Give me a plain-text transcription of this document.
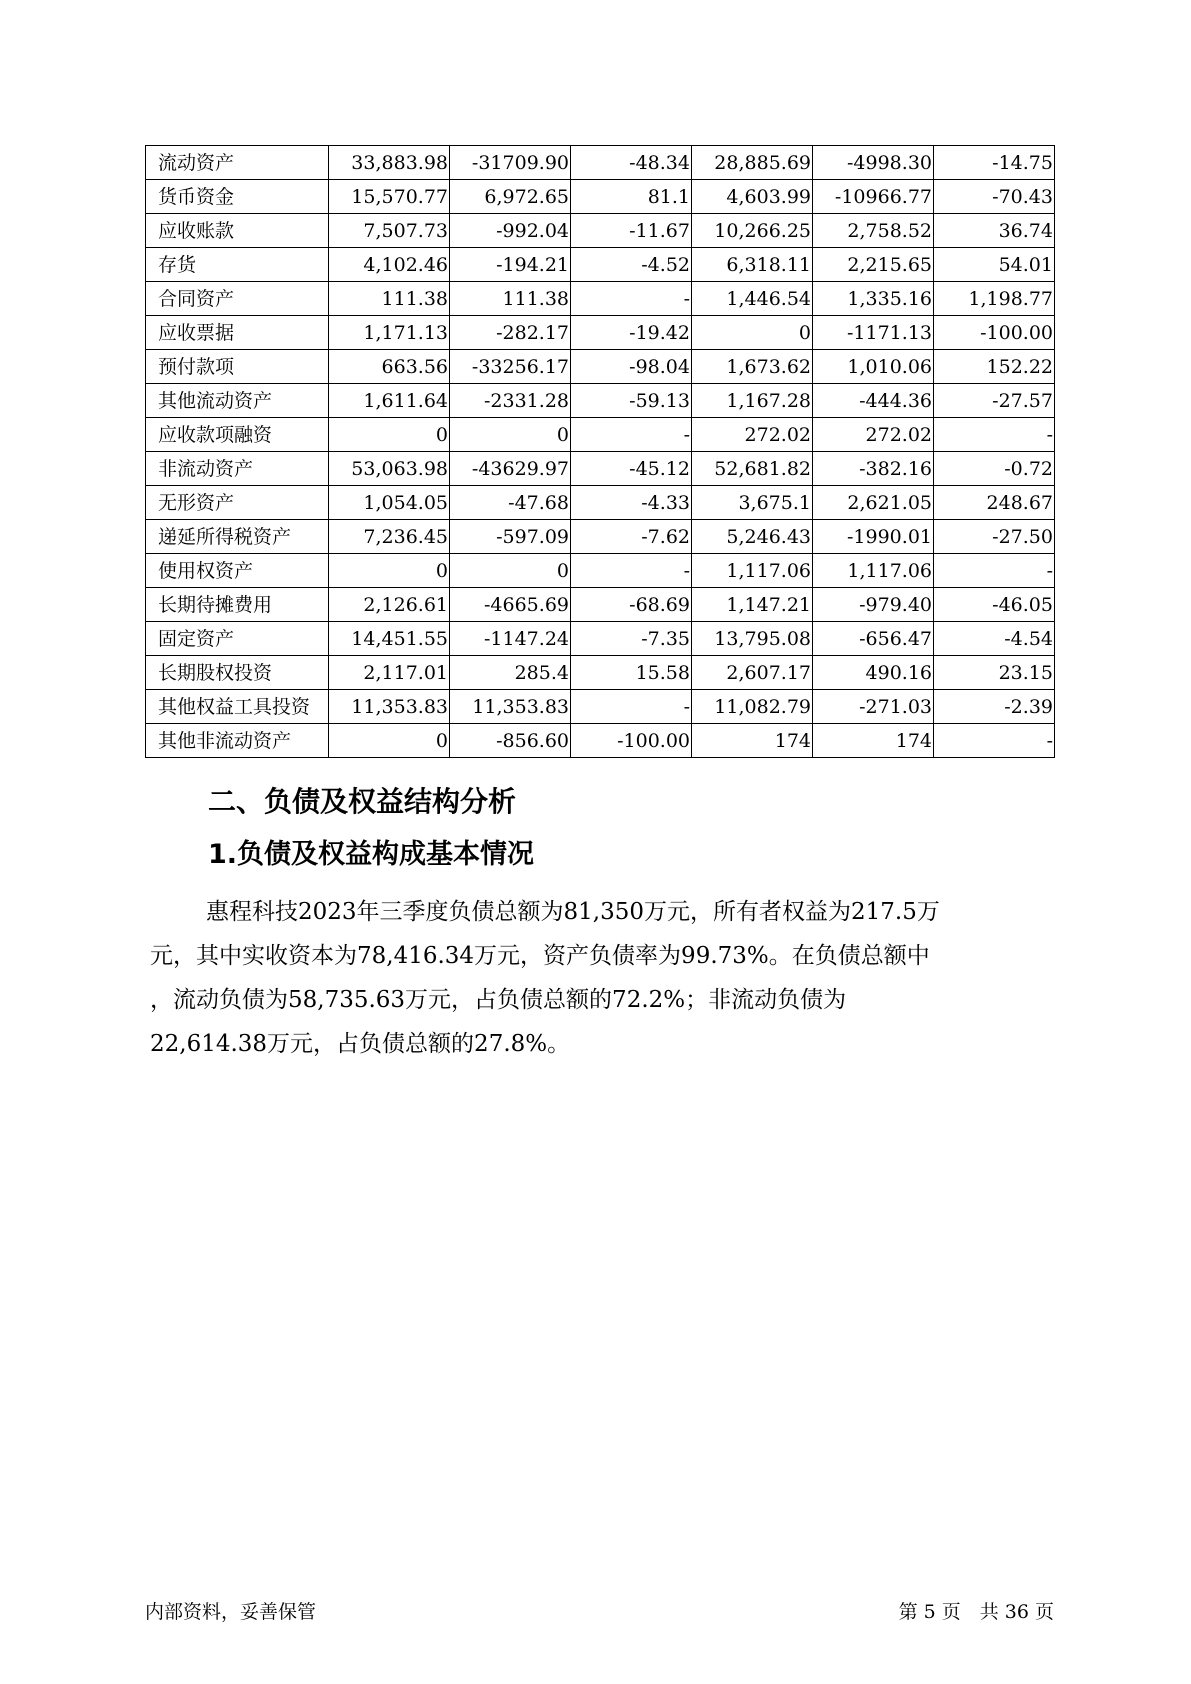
流动资产	33,883.98	-31709.90	-48.34	28,885.69	-4998.30	-14.75
货币资金	15,570.77	6,972.65	81.1	4,603.99	-10966.77	-70.43
应收账款	7,507.73	-992.04	-11.67	10,266.25	2,758.52	36.74
存货	4,102.46	-194.21	-4.52	6,318.11	2,215.65	54.01
合同资产	111.38	111.38	-	1,446.54	1,335.16	1,198.77
应收票据	1,171.13	-282.17	-19.42	0	-1171.13	-100.00
预付款项	663.56	-33256.17	-98.04	1,673.62	1,010.06	152.22
其他流动资产	1,611.64	-2331.28	-59.13	1,167.28	-444.36	-27.57
应收款项融资	0	0	-	272.02	272.02	-
非流动资产	53,063.98	-43629.97	-45.12	52,681.82	-382.16	-0.72
无形资产	1,054.05	-47.68	-4.33	3,675.1	2,621.05	248.67
递延所得税资产	7,236.45	-597.09	-7.62	5,246.43	-1990.01	-27.50
使用权资产	0	0	-	1,117.06	1,117.06	-
长期待摊费用	2,126.61	-4665.69	-68.69	1,147.21	-979.40	-46.05
固定资产	14,451.55	-1147.24	-7.35	13,795.08	-656.47	-4.54
长期股权投资	2,117.01	285.4	15.58	2,607.17	490.16	23.15
其他权益工具投资	11,353.83	11,353.83	-	11,082.79	-271.03	-2.39
其他非流动资产	0	-856.60	-100.00	174	174	-
二、负债及权益结构分析
1.负债及权益构成基本情况

惠程科技2023年三季度负债总额为81,350万元，所有者权益为217.5万
元，其中实收资本为78,416.34万元，资产负债率为99.73%。在负债总额中
，流动负债为58,735.63万元，占负债总额的72.2%；非流动负债为
22,614.38万元，占负债总额的27.8%。

内部资料，妥善保管	第 5 页　共 36 页
